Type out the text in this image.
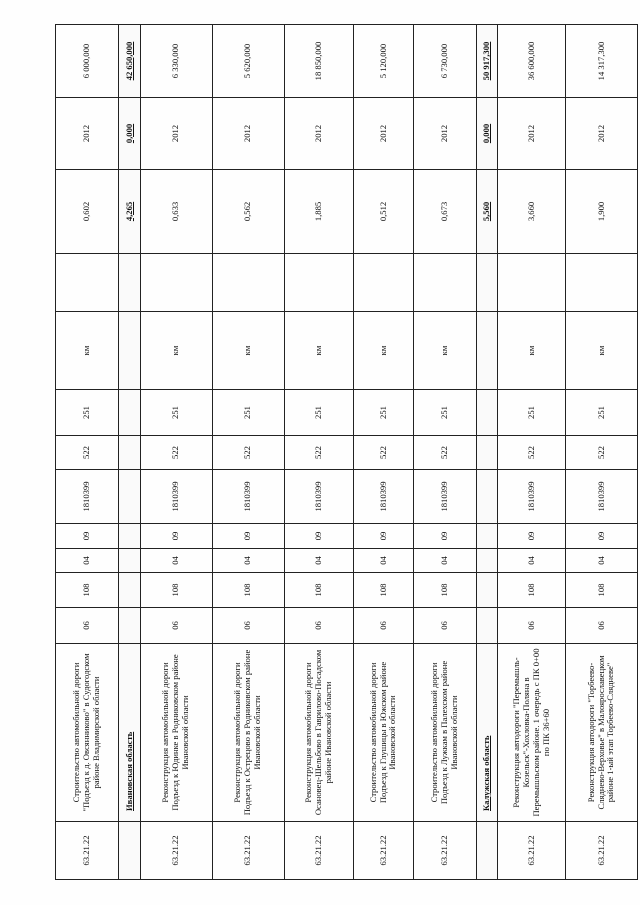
63.21.22	Строительство автомобильной дороги "Подъезд к д. Овсянниково" в Судогодском районе Владимирской области	06	108	04	09	1810399	522	251	км		0,602	2012	6 000,000
	Ивановская область										4,265	0,000	42 650,000
63.21.22	Реконструкция автомобильной дороги Подъезд к Юдинке в Родниковском районе Ивановской области	06	108	04	09	1810399	522	251	км		0,633	2012	6 330,000
63.21.22	Реконструкция автомобильной дороги Подъезд к Острецово в Родниковском районе Ивановской области	06	108	04	09	1810399	522	251	км		0,562	2012	5 620,000
63.21.22	Реконструкция автомобильной дороги Осановец-Шельбово в Гаврилово-Посадском районе Ивановской области	06	108	04	09	1810399	522	251	км		1,885	2012	18 850,000
63.21.22	Строительство автомобильной дороги Подъезд к Глушицы в Южском районе Ивановской области	06	108	04	09	1810399	522	251	км		0,512	2012	5 120,000
63.21.22	Строительство автомобильной дороги Подъезд к Лужкам в Палехском районе Ивановской области	06	108	04	09	1810399	522	251	км		0,673	2012	6 730,000
	Калужская область										5,560	0,000	50 917,300
63.21.22	Реконструкция автодороги "Перемышль-Козельск"-Хохловка-Поляна в Перемышльском районе. 1 очередь с ПК 0+00 по ПК 36+60	06	108	04	09	1810399	522	251	км		3,660	2012	36 600,000
63.21.22	Реконструкция автодороги "Торбеево-Сляднево-Верховье" в Малоярославецком районе 1-ый этап Торбеево-Слядневе"	06	108	04	09	1810399	522	251	км		1,900	2012	14 317,300
